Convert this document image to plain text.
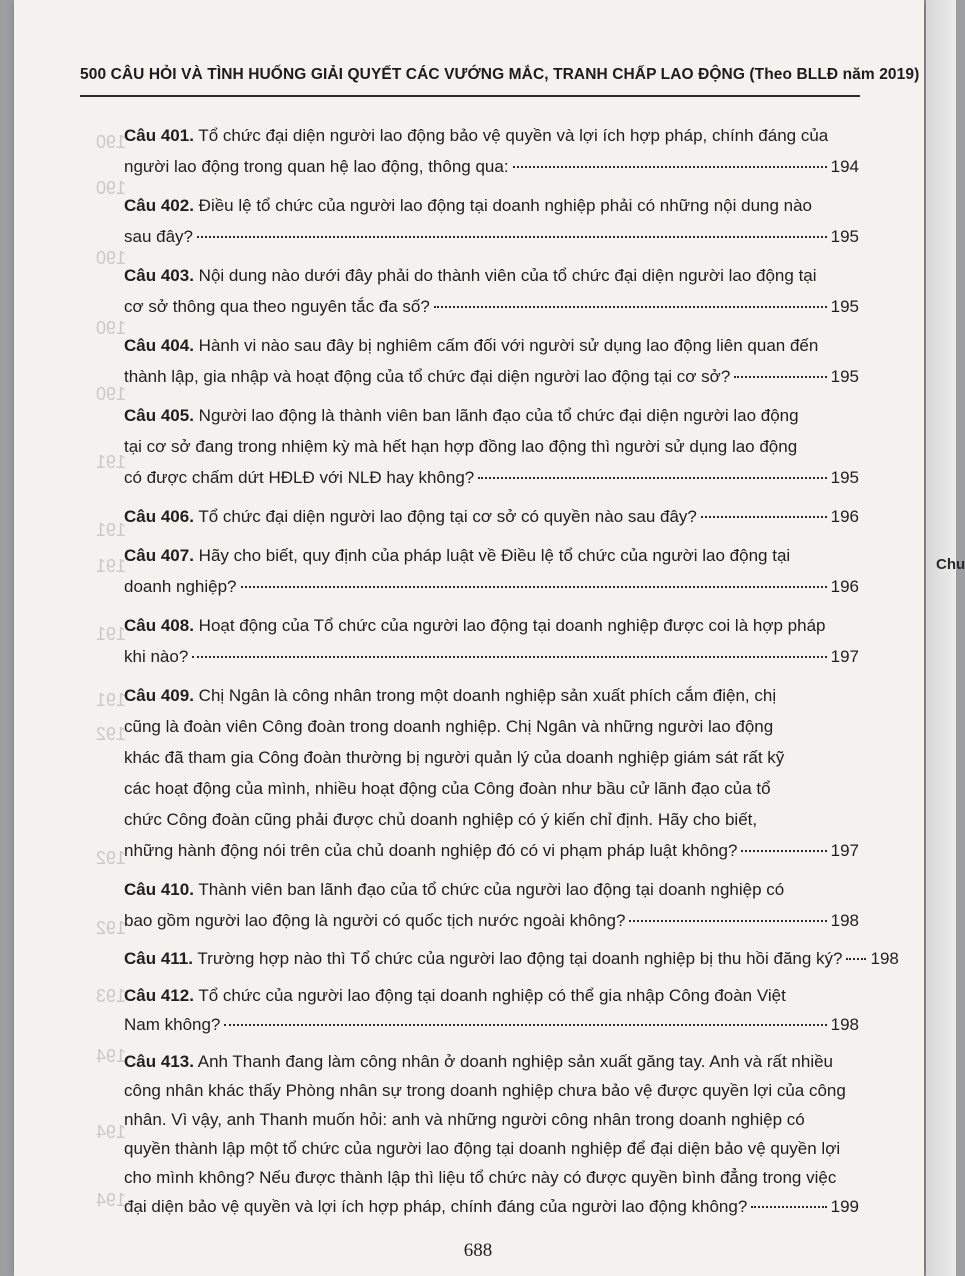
190
190
190
190
190
191
191
191
191
191
192
192
192
193
194
194
194
Chu
500 CÂU HỎI VÀ TÌNH HUỐNG GIẢI QUYẾT CÁC VƯỚNG MẮC, TRANH CHẤP LAO ĐỘNG (Theo BLLĐ năm 2019)
Câu 401. Tổ chức đại diện người lao động bảo vệ quyền và lợi ích hợp pháp, chính đáng của
người lao động trong quan hệ lao động, thông qua:	194
Câu 402. Điều lệ tổ chức của người lao động tại doanh nghiệp phải có những nội dung nào
sau đây?	195
Câu 403. Nội dung nào dưới đây phải do thành viên của tổ chức đại diện người lao động tại
cơ sở thông qua theo nguyên tắc đa số?	195
Câu 404. Hành vi nào sau đây bị nghiêm cấm đối với người sử dụng lao động liên quan đến
thành lập, gia nhập và hoạt động của tổ chức đại diện người lao động tại cơ sở?	195
Câu 405. Người lao động là thành viên ban lãnh đạo của tổ chức đại diện người lao động
tại cơ sở đang trong nhiệm kỳ mà hết hạn hợp đồng lao động thì người sử dụng lao động
có được chấm dứt HĐLĐ với NLĐ hay không?	195
Câu 406. Tổ chức đại diện người lao động tại cơ sở có quyền nào sau đây?	196
Câu 407. Hãy cho biết, quy định của pháp luật về Điều lệ tổ chức của người lao động tại
doanh nghiệp?	196
Câu 408. Hoạt động của Tổ chức của người lao động tại doanh nghiệp được coi là hợp pháp
khi nào?	197
Câu 409. Chị Ngân là công nhân trong một doanh nghiệp sản xuất phích cắm điện, chị
cũng là đoàn viên Công đoàn trong doanh nghiệp. Chị Ngân và những người lao động
khác đã tham gia Công đoàn thường bị người quản lý của doanh nghiệp giám sát rất kỹ
các hoạt động của mình, nhiều hoạt động của Công đoàn như bầu cử lãnh đạo của tổ
chức Công đoàn cũng phải được chủ doanh nghiệp có ý kiến chỉ định. Hãy cho biết,
những hành động nói trên của chủ doanh nghiệp đó có vi phạm pháp luật không?	197
Câu 410. Thành viên ban lãnh đạo của tổ chức của người lao động tại doanh nghiệp có
bao gồm người lao động là người có quốc tịch nước ngoài không?	198
Câu 411. Trường hợp nào thì Tổ chức của người lao động tại doanh nghiệp bị thu hồi đăng ký? 198
Câu 412. Tổ chức của người lao động tại doanh nghiệp có thể gia nhập Công đoàn Việt
Nam không?	198
Câu 413. Anh Thanh đang làm công nhân ở doanh nghiệp sản xuất găng tay. Anh và rất nhiều
công nhân khác thấy Phòng nhân sự trong doanh nghiệp chưa bảo vệ được quyền lợi của công
nhân. Vì vậy, anh Thanh muốn hỏi: anh và những người công nhân trong doanh nghiệp có
quyền thành lập một tổ chức của người lao động tại doanh nghiệp để đại diện bảo vệ quyền lợi
cho mình không? Nếu được thành lập thì liệu tổ chức này có được quyền bình đẳng trong việc
đại diện bảo vệ quyền và lợi ích hợp pháp, chính đáng của người lao động không?	199
688
